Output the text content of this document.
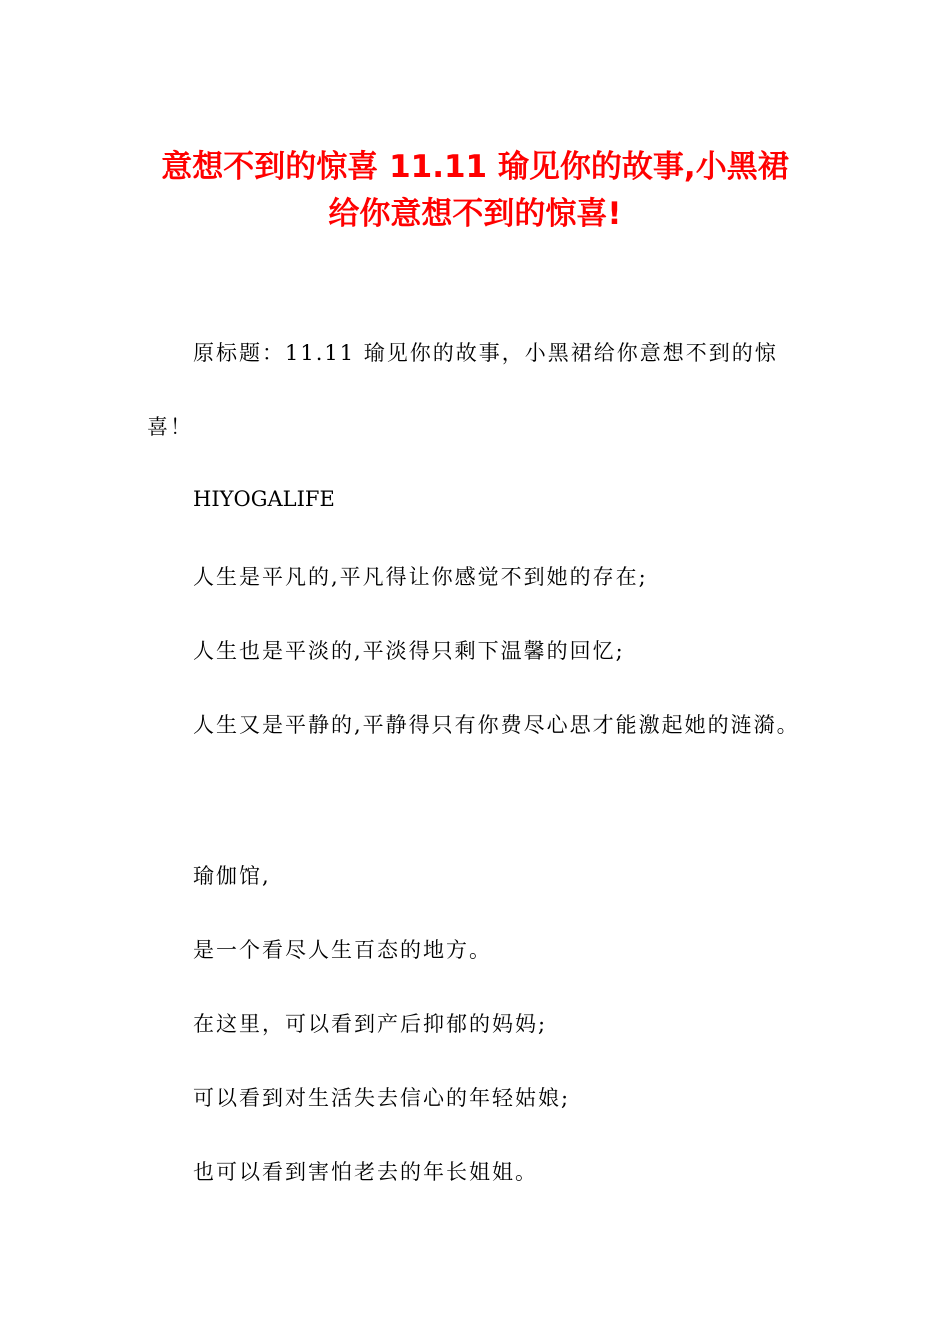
意想不到的惊喜 11.11 瑜见你的故事,小黑裙
给你意想不到的惊喜!
原标题：11.11 瑜见你的故事，小黑裙给你意想不到的惊
喜！
HIYOGALIFE
人生是平凡的,平凡得让你感觉不到她的存在;
人生也是平淡的,平淡得只剩下温馨的回忆;
人生又是平静的,平静得只有你费尽心思才能激起她的涟漪。
瑜伽馆,
是一个看尽人生百态的地方。
在这里，可以看到产后抑郁的妈妈;
可以看到对生活失去信心的年轻姑娘;
也可以看到害怕老去的年长姐姐。
